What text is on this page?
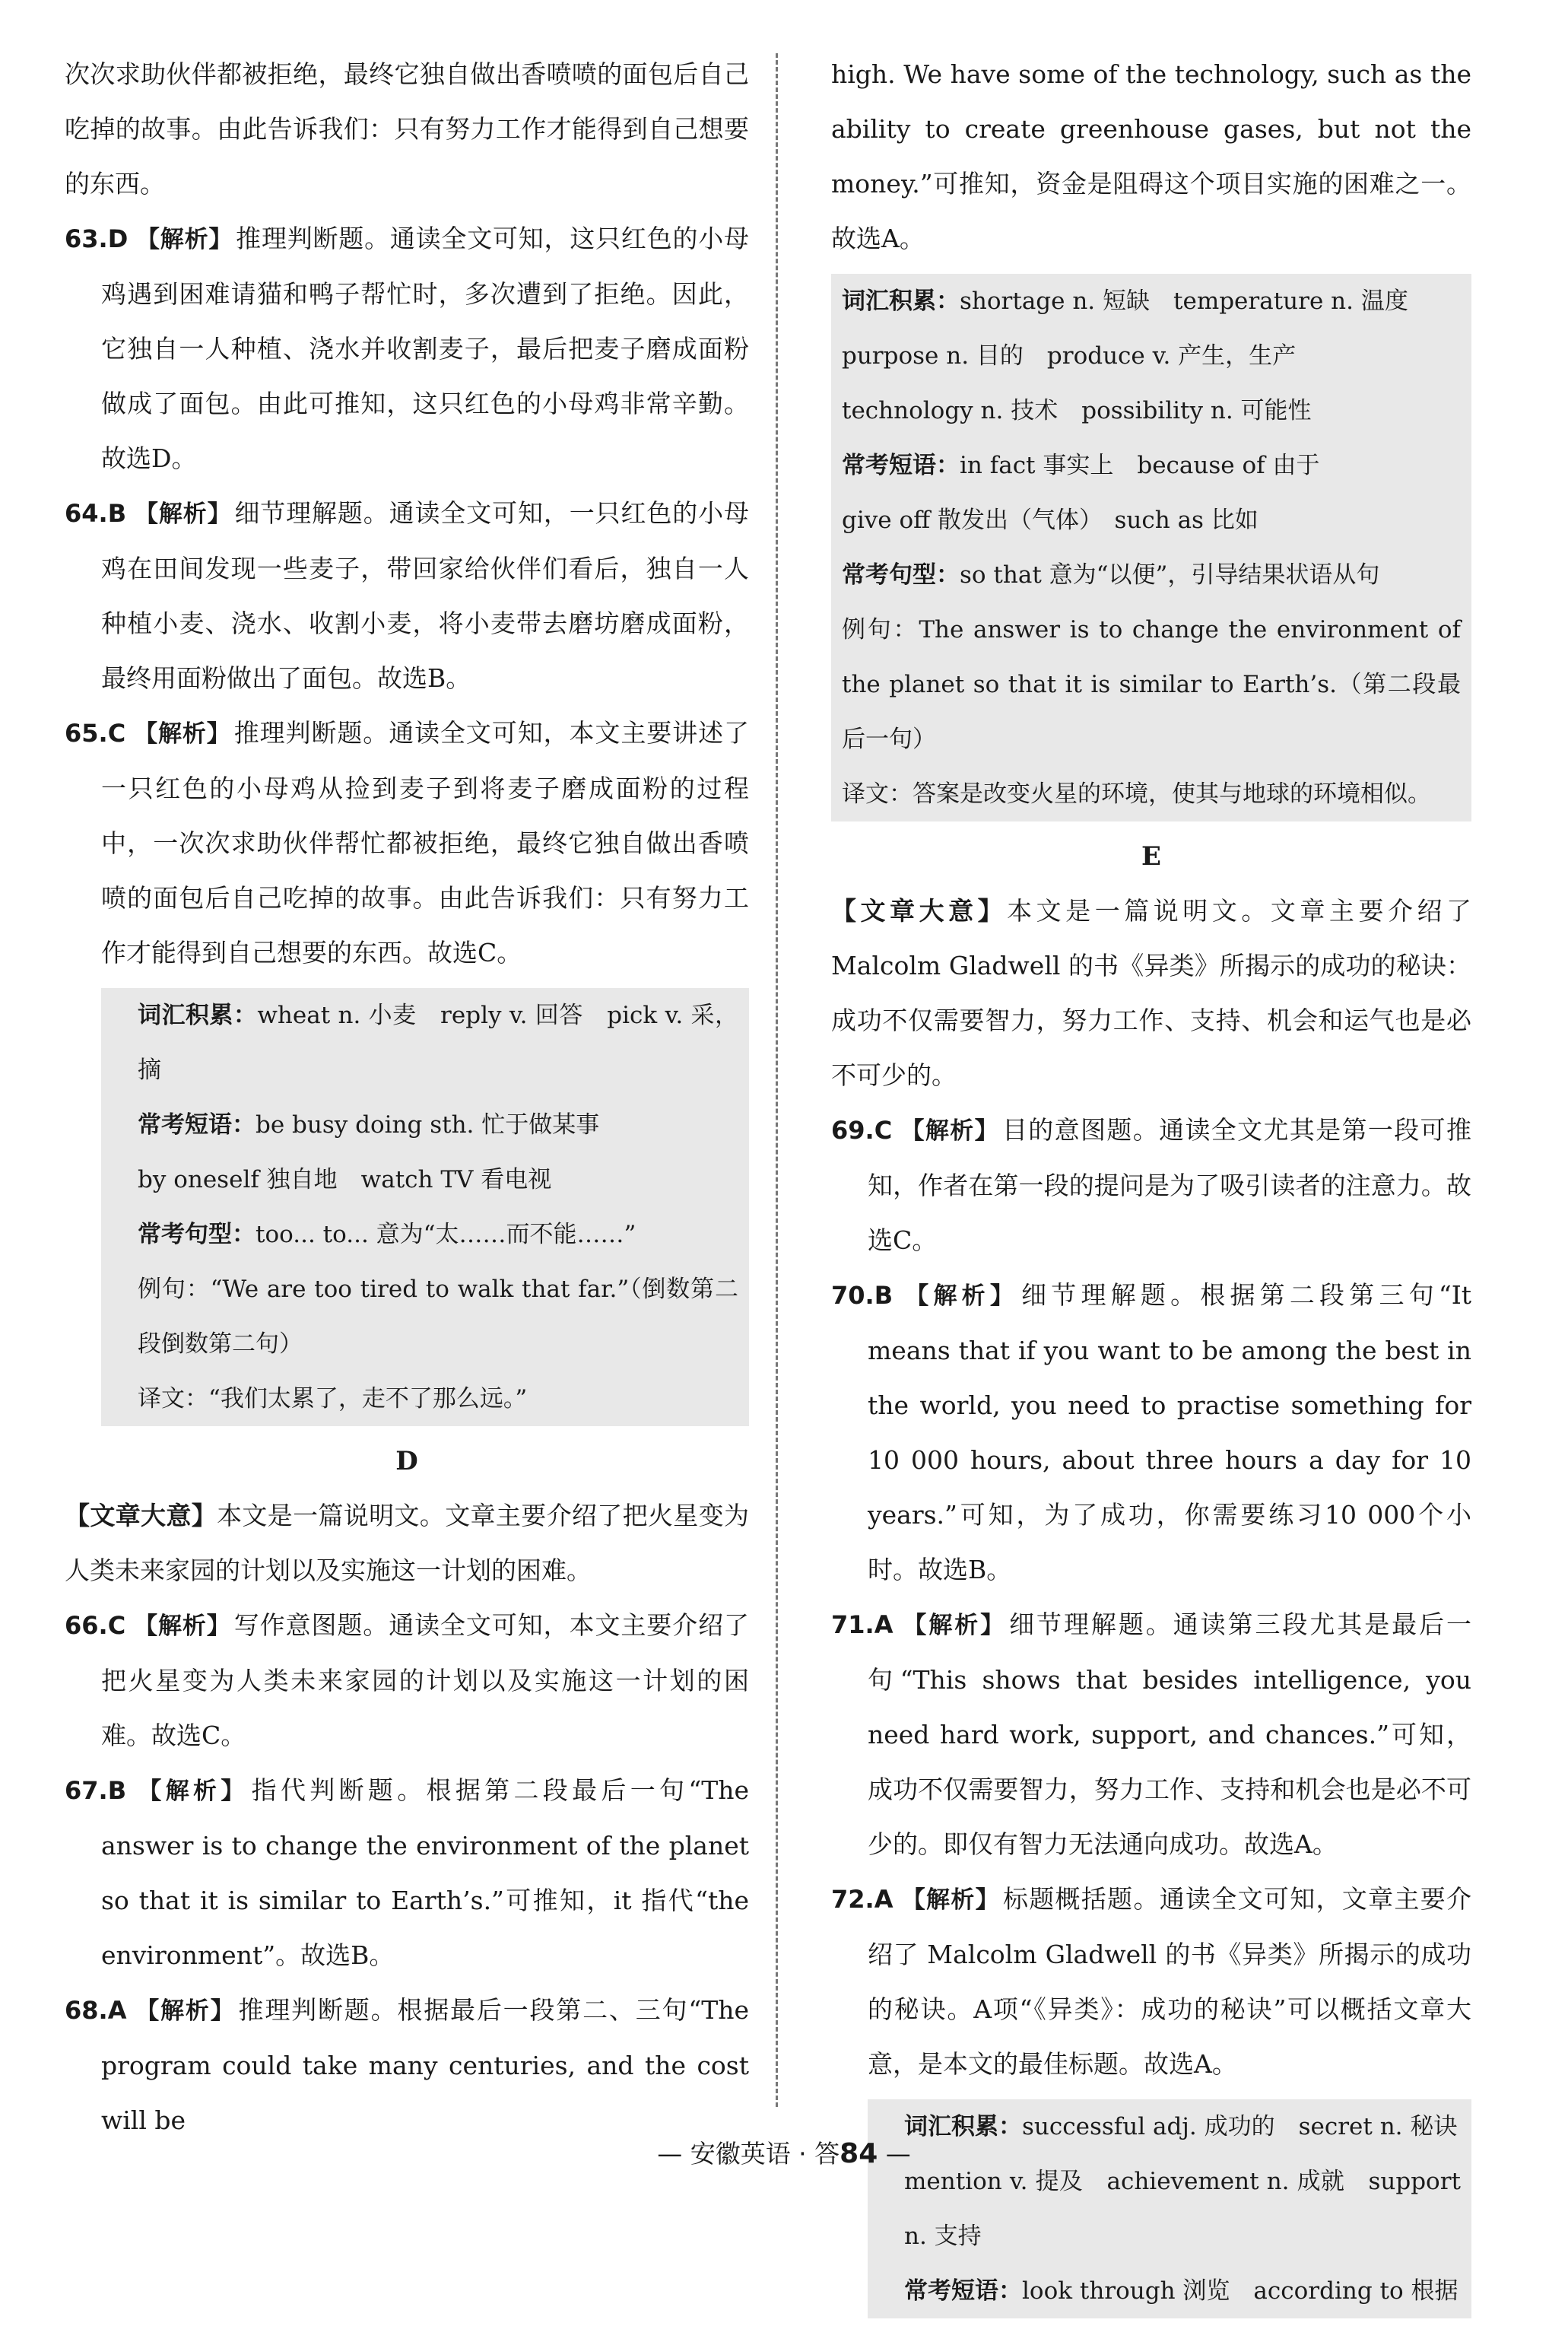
次次求助伙伴都被拒绝，最终它独自做出香喷喷的面包后自己吃掉的故事。由此告诉我们：只有努力工作才能得到自己想要的东西。

63.D 【解析】 推理判断题。通读全文可知，这只红色的小母鸡遇到困难请猫和鸭子帮忙时，多次遭到了拒绝。因此，它独自一人种植、浇水并收割麦子，最后把麦子磨成面粉做成了面包。由此可推知，这只红色的小母鸡非常辛勤。故选D。

64.B 【解析】 细节理解题。通读全文可知，一只红色的小母鸡在田间发现一些麦子，带回家给伙伴们看后，独自一人种植小麦、浇水、收割小麦，将小麦带去磨坊磨成面粉，最终用面粉做出了面包。故选B。

65.C 【解析】 推理判断题。通读全文可知，本文主要讲述了一只红色的小母鸡从捡到麦子到将麦子磨成面粉的过程中，一次次求助伙伴帮忙都被拒绝，最终它独自做出香喷喷的面包后自己吃掉的故事。由此告诉我们：只有努力工作才能得到自己想要的东西。故选C。

词汇积累：wheat n. 小麦　reply v. 回答　pick v. 采，摘

常考短语：be busy doing sth. 忙于做某事

by oneself 独自地　watch TV 看电视

常考句型：too... to... 意为“太……而不能……”

例句：“We are too tired to walk that far.”（倒数第二段倒数第二句）

译文：“我们太累了，走不了那么远。”

D

【文章大意】本文是一篇说明文。文章主要介绍了把火星变为人类未来家园的计划以及实施这一计划的困难。

66.C 【解析】 写作意图题。通读全文可知，本文主要介绍了把火星变为人类未来家园的计划以及实施这一计划的困难。故选C。

67.B 【解析】 指代判断题。根据第二段最后一句“The answer is to change the environment of the planet so that it is similar to Earth’s.”可推知，it 指代“the environment”。故选B。

68.A 【解析】 推理判断题。根据最后一段第二、三句“The program could take many centuries, and the cost will be

high. We have some of the technology, such as the ability to create greenhouse gases, but not the money.”可推知，资金是阻碍这个项目实施的困难之一。故选A。

词汇积累：shortage n. 短缺　temperature n. 温度

purpose n. 目的　produce v. 产生，生产

technology n. 技术　possibility n. 可能性

常考短语：in fact 事实上　because of 由于

give off 散发出（气体）　such as 比如

常考句型：so that 意为“以便”，引导结果状语从句

例句：The answer is to change the environment of the planet so that it is similar to Earth’s.（第二段最后一句）

译文：答案是改变火星的环境，使其与地球的环境相似。

E

【文章大意】本文是一篇说明文。文章主要介绍了 Malcolm Gladwell 的书《异类》所揭示的成功的秘诀：成功不仅需要智力，努力工作、支持、机会和运气也是必不可少的。

69.C 【解析】 目的意图题。通读全文尤其是第一段可推知，作者在第一段的提问是为了吸引读者的注意力。故选C。

70.B 【解析】 细节理解题。根据第二段第三句“It means that if you want to be among the best in the world, you need to practise something for 10 000 hours, about three hours a day for 10 years.”可知，为了成功，你需要练习10 000个小时。故选B。

71.A 【解析】 细节理解题。通读第三段尤其是最后一句“This shows that besides intelligence, you need hard work, support, and chances.”可知，成功不仅需要智力，努力工作、支持和机会也是必不可少的。即仅有智力无法通向成功。故选A。

72.A 【解析】 标题概括题。通读全文可知，文章主要介绍了 Malcolm Gladwell 的书《异类》所揭示的成功的秘诀。A项“《异类》：成功的秘诀”可以概括文章大意，是本文的最佳标题。故选A。

词汇积累：successful adj. 成功的　secret n. 秘诀

mention v. 提及　achievement n. 成就　support n. 支持

常考短语：look through 浏览　according to 根据

— 安徽英语 · 答84 —
